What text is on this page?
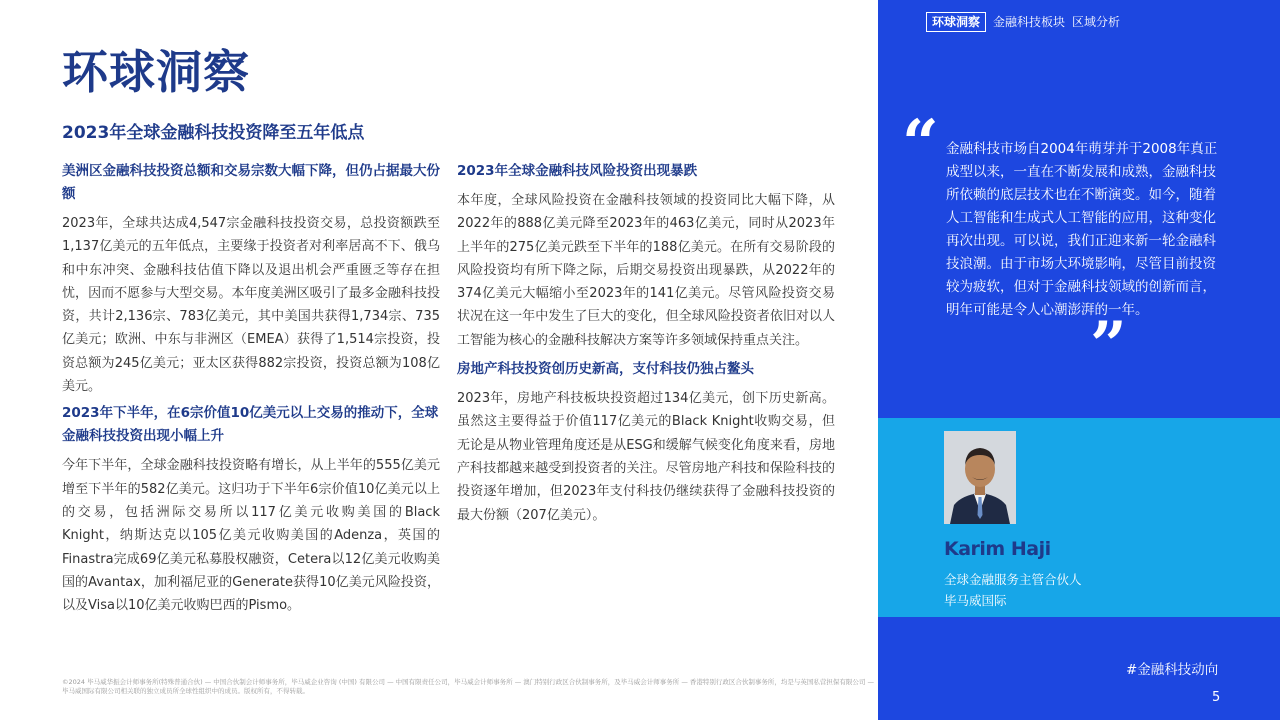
环球洞察
2023年全球金融科技投资降至五年低点
美洲区金融科技投资总额和交易宗数大幅下降，但仍占据最大份额
2023年，全球共达成4,547宗金融科技投资交易，总投资额跌至1,137亿美元的五年低点，主要缘于投资者对利率居高不下、俄乌和中东冲突、金融科技估值下降以及退出机会严重匮乏等存在担忧，因而不愿参与大型交易。本年度美洲区吸引了最多金融科技投资，共计2,136宗、783亿美元，其中美国共获得1,734宗、735亿美元；欧洲、中东与非洲区（EMEA）获得了1,514宗投资，投资总额为245亿美元；亚太区获得882宗投资，投资总额为108亿美元。
2023年下半年，在6宗价值10亿美元以上交易的推动下，全球金融科技投资出现小幅上升
今年下半年，全球金融科技投资略有增长，从上半年的555亿美元增至下半年的582亿美元。这归功于下半年6宗价值10亿美元以上的交易，包括洲际交易所以117亿美元收购美国的Black Knight，纳斯达克以105亿美元收购美国的Adenza，英国的Finastra完成69亿美元私募股权融资，Cetera以12亿美元收购美国的Avantax，加利福尼亚的Generate获得10亿美元风险投资，以及Visa以10亿美元收购巴西的Pismo。
2023年全球金融科技风险投资出现暴跌
本年度，全球风险投资在金融科技领域的投资同比大幅下降，从2022年的888亿美元降至2023年的463亿美元，同时从2023年上半年的275亿美元跌至下半年的188亿美元。在所有交易阶段的风险投资均有所下降之际，后期交易投资出现暴跌，从2022年的374亿美元大幅缩小至2023年的141亿美元。尽管风险投资交易状况在这一年中发生了巨大的变化，但全球风险投资者依旧对以人工智能为核心的金融科技解决方案等许多领域保持重点关注。
房地产科技投资创历史新高，支付科技仍独占鳌头
2023年，房地产科技板块投资超过134亿美元，创下历史新高。虽然这主要得益于价值117亿美元的Black Knight收购交易，但无论是从物业管理角度还是从ESG和缓解气候变化角度来看，房地产科技都越来越受到投资者的关注。尽管房地产科技和保险科技的投资逐年增加，但2023年支付科技仍继续获得了金融科技投资的最大份额（207亿美元）。
©2024 毕马威华振会计师事务所(特殊普通合伙) — 中国合伙制会计师事务所，毕马威企业咨询 (中国) 有限公司 — 中国有限责任公司，毕马威会计师事务所 — 澳门特别行政区合伙制事务所，及毕马威会计师事务所 — 香港特别行政区合伙制事务所，均是与英国私营担保有限公司 — 毕马威国际有限公司相关联的独立成员所全球性组织中的成员。版权所有，不得转载。
环球洞察	金融科技板块 区域分析
“ 金融科技市场自2004年萌芽并于2008年真正成型以来，一直在不断发展和成熟，金融科技所依赖的底层技术也在不断演变。如今，随着人工智能和生成式人工智能的应用，这种变化再次出现。可以说，我们正迎来新一轮金融科技浪潮。由于市场大环境影响，尽管目前投资较为疲软，但对于金融科技领域的创新而言，明年可能是令人心潮澎湃的一年。
”
Karim Haji
全球金融服务主管合伙人
毕马威国际
#金融科技动向
5
